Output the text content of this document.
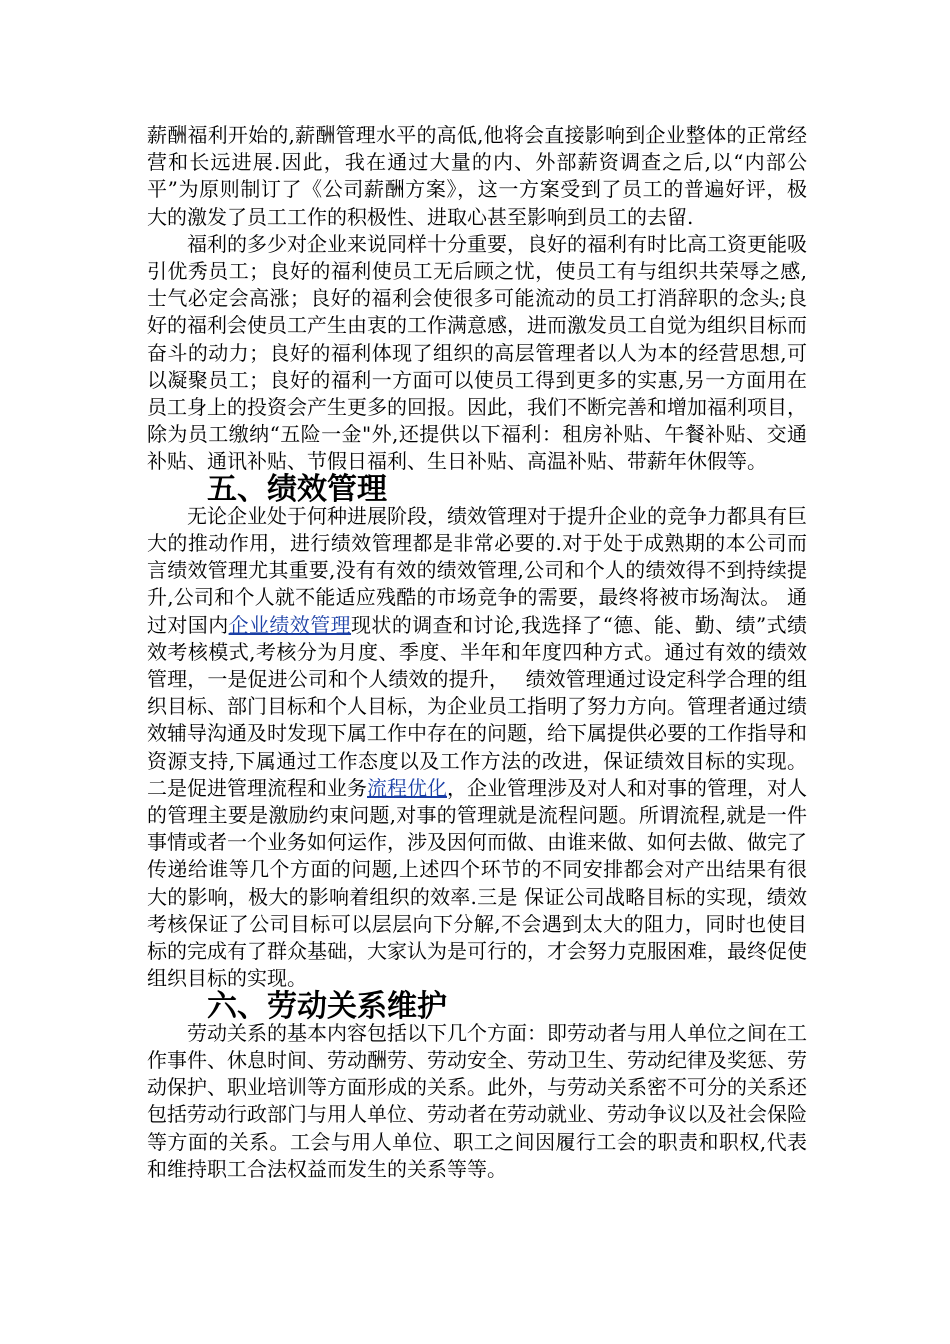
薪酬福利开始的,薪酬管理水平的高低,他将会直接影响到企业整体的正常经营和长远进展.因此，我在通过大量的内、外部薪资调查之后,以“内部公平”为原则制订了《公司薪酬方案》，这一方案受到了员工的普遍好评，极大的激发了员工工作的积极性、进取心甚至影响到员工的去留.

福利的多少对企业来说同样十分重要，良好的福利有时比高工资更能吸引优秀员工；良好的福利使员工无后顾之忧，使员工有与组织共荣辱之感,士气必定会高涨；良好的福利会使很多可能流动的员工打消辞职的念头;良好的福利会使员工产生由衷的工作满意感，进而激发员工自觉为组织目标而奋斗的动力；良好的福利体现了组织的高层管理者以人为本的经营思想,可以凝聚员工；良好的福利一方面可以使员工得到更多的实惠,另一方面用在员工身上的投资会产生更多的回报。因此，我们不断完善和增加福利项目，除为员工缴纳“五险一金"外,还提供以下福利：租房补贴、午餐补贴、交通补贴、通讯补贴、节假日福利、生日补贴、高温补贴、带薪年休假等。

五、绩效管理

无论企业处于何种进展阶段，绩效管理对于提升企业的竞争力都具有巨大的推动作用，进行绩效管理都是非常必要的.对于处于成熟期的本公司而言绩效管理尤其重要,没有有效的绩效管理,公司和个人的绩效得不到持续提升,公司和个人就不能适应残酷的市场竞争的需要，最终将被市场淘汰。 通过对国内企业绩效管理现状的调查和讨论,我选择了“德、能、勤、绩”式绩效考核模式,考核分为月度、季度、半年和年度四种方式。通过有效的绩效管理，一是促进公司和个人绩效的提升，　 绩效管理通过设定科学合理的组织目标、部门目标和个人目标，为企业员工指明了努力方向。管理者通过绩效辅导沟通及时发现下属工作中存在的问题，给下属提供必要的工作指导和资源支持,下属通过工作态度以及工作方法的改进，保证绩效目标的实现。二是促进管理流程和业务流程优化，企业管理涉及对人和对事的管理，对人的管理主要是激励约束问题,对事的管理就是流程问题。所谓流程,就是一件事情或者一个业务如何运作，涉及因何而做、由谁来做、如何去做、做完了传递给谁等几个方面的问题,上述四个环节的不同安排都会对产出结果有很大的影响，极大的影响着组织的效率.三是 保证公司战略目标的实现，绩效考核保证了公司目标可以层层向下分解,不会遇到太大的阻力，同时也使目标的完成有了群众基础，大家认为是可行的，才会努力克服困难，最终促使组织目标的实现。

六、劳动关系维护

劳动关系的基本内容包括以下几个方面：即劳动者与用人单位之间在工作事件、休息时间、劳动酬劳、劳动安全、劳动卫生、劳动纪律及奖惩、劳动保护、职业培训等方面形成的关系。此外，与劳动关系密不可分的关系还包括劳动行政部门与用人单位、劳动者在劳动就业、劳动争议以及社会保险等方面的关系。工会与用人单位、职工之间因履行工会的职责和职权,代表和维持职工合法权益而发生的关系等等。
